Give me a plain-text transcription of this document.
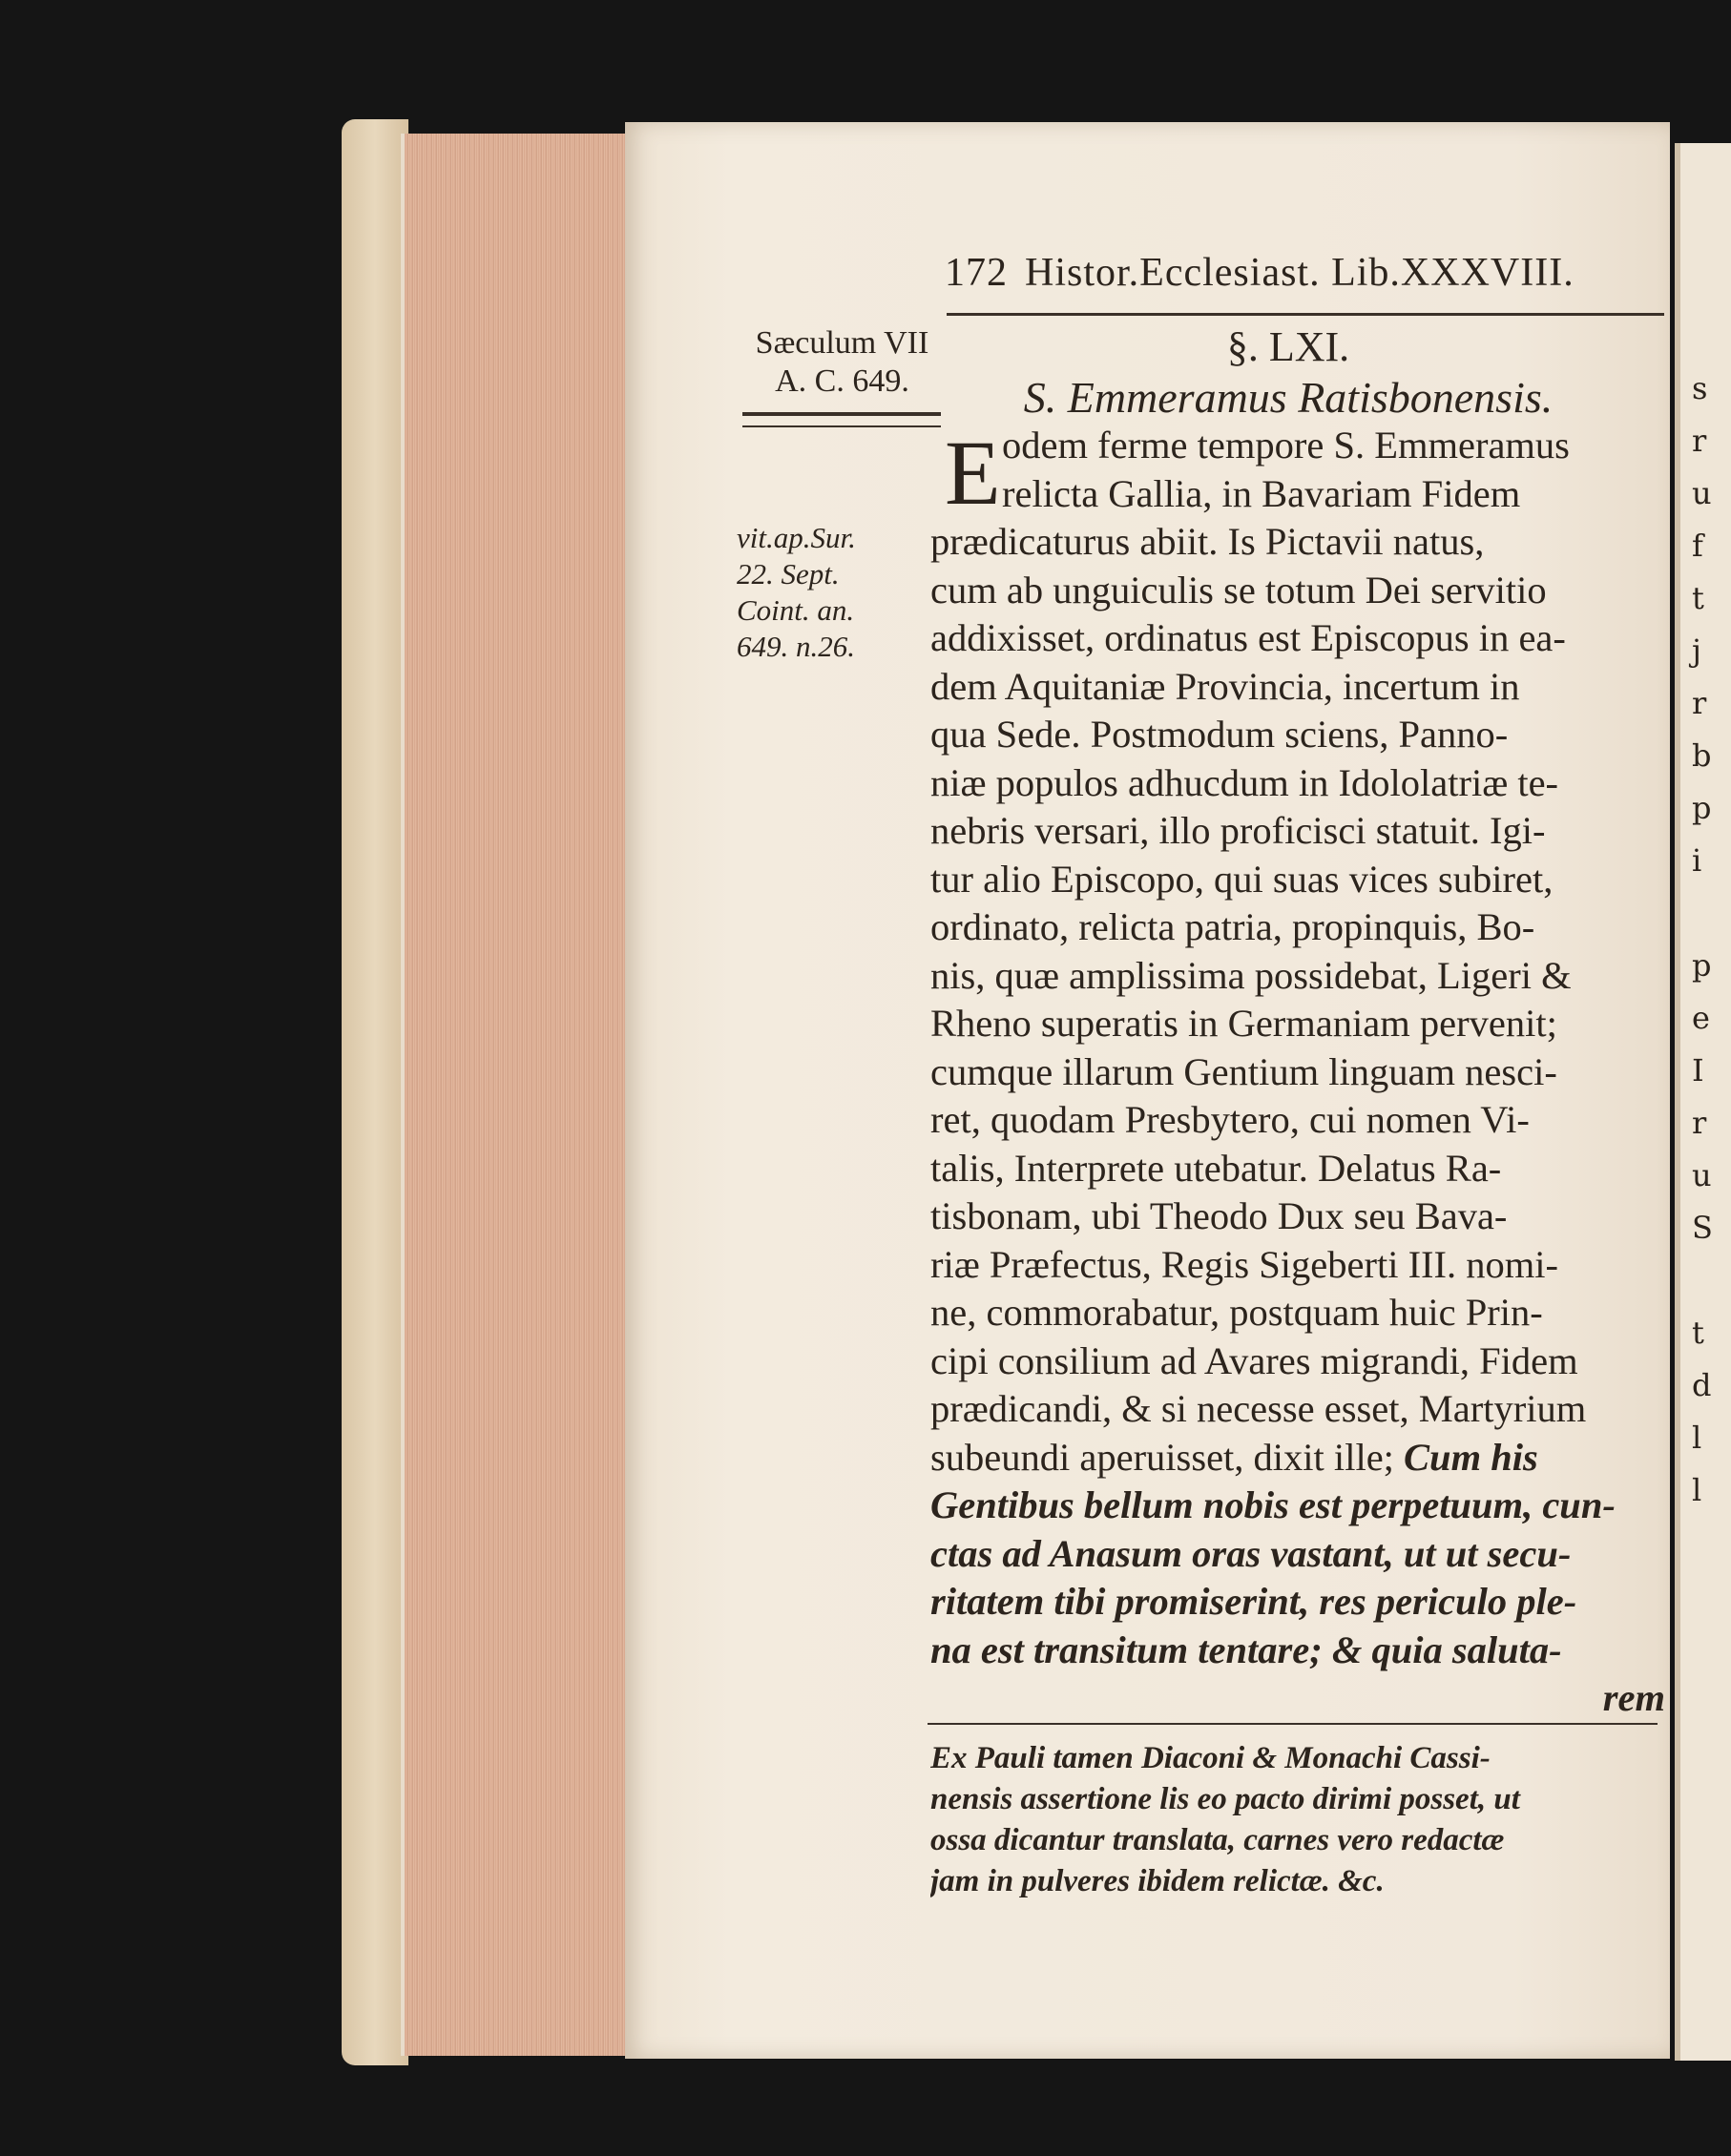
s
r
u
f
t
j
r
b
p
i

p
e
I
r
u
S

t
d
l
l
172 Histor.Ecclesiast. Lib.XXXVIII.
Sæculum VII
A. C. 649.
vit.ap.Sur.
22. Sept.
Coint. an.
649. n.26.
§. LXI.
S. Emmeramus Ratisbonensis.
E odem ferme tempore S. Emmeramus
relicta Gallia, in Bavariam Fidem
prædicaturus abiit. Is Pictavii natus,
cum ab unguiculis se totum Dei servitio
addixisset, ordinatus est Episcopus in ea-
dem Aquitaniæ Provincia, incertum in
qua Sede. Postmodum sciens, Panno-
niæ populos adhucdum in Idololatriæ te-
nebris versari, illo proficisci statuit. Igi-
tur alio Episcopo, qui suas vices subiret,
ordinato, relicta patria, propinquis, Bo-
nis, quæ amplissima possidebat, Ligeri &
Rheno superatis in Germaniam pervenit;
cumque illarum Gentium linguam nesci-
ret, quodam Presbytero, cui nomen Vi-
talis, Interprete utebatur. Delatus Ra-
tisbonam, ubi Theodo Dux seu Bava-
riæ Præfectus, Regis Sigeberti III. nomi-
ne, commorabatur, postquam huic Prin-
cipi consilium ad Avares migrandi, Fidem
prædicandi, & si necesse esset, Martyrium
subeundi aperuisset, dixit ille; Cum his
Gentibus bellum nobis est perpetuum, cun-
ctas ad Anasum oras vastant, ut ut secu-
ritatem tibi promiserint, res periculo ple-
na est transitum tentare; & quia saluta-
rem
Ex Pauli tamen Diaconi & Monachi Cassi-
nensis assertione lis eo pacto dirimi posset, ut
ossa dicantur translata, carnes vero redactæ
jam in pulveres ibidem relictæ. &c.
